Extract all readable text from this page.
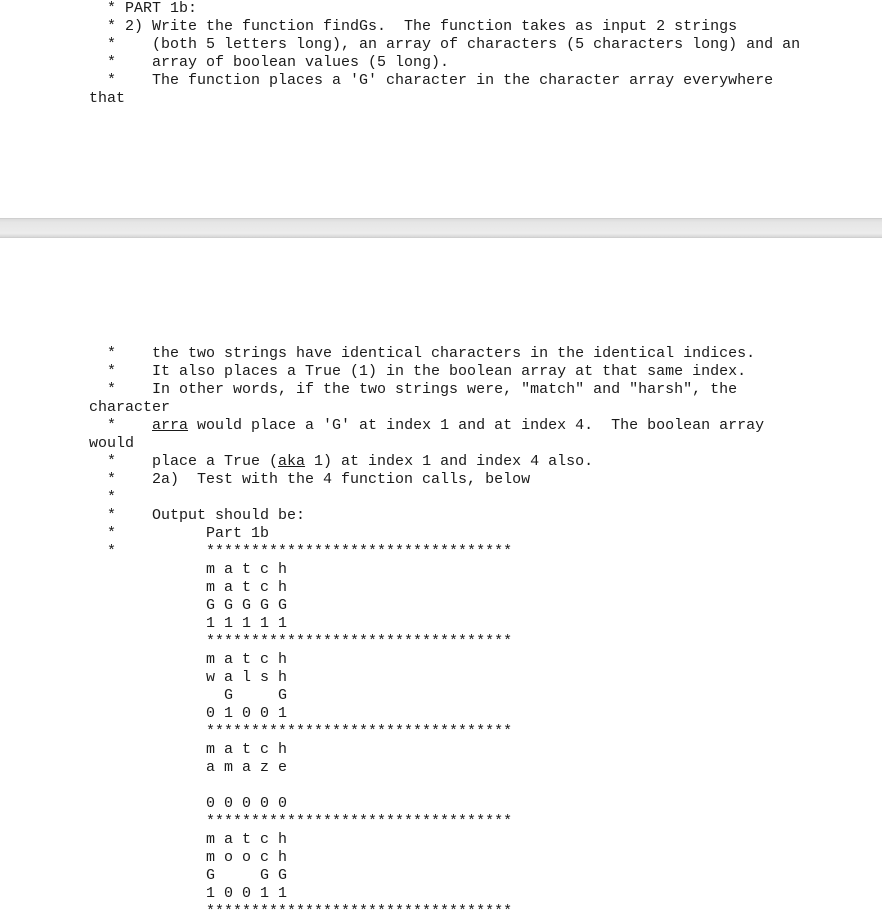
* PART 1b:
* 2) Write the function findGs.  The function takes as input 2 strings
*    (both 5 letters long), an array of characters (5 characters long) and an
*    array of boolean values (5 long).
*    The function places a 'G' character in the character array everywhere
that
*    the two strings have identical characters in the identical indices.
*    It also places a True (1) in the boolean array at that same index.
*    In other words, if the two strings were, "match" and "harsh", the
character
*    arra would place a 'G' at index 1 and at index 4.  The boolean array
would
*    place a True (aka 1) at index 1 and index 4 also.
*    2a)  Test with the 4 function calls, below
*
*    Output should be:
*          Part 1b
*          **********************************
m a t c h
m a t c h
G G G G G
1 1 1 1 1
**********************************
m a t c h
w a l s h
G     G
0 1 0 0 1
**********************************
m a t c h
a m a z e
0 0 0 0 0
**********************************
m a t c h
m o o c h
G     G G
1 0 0 1 1
**********************************
